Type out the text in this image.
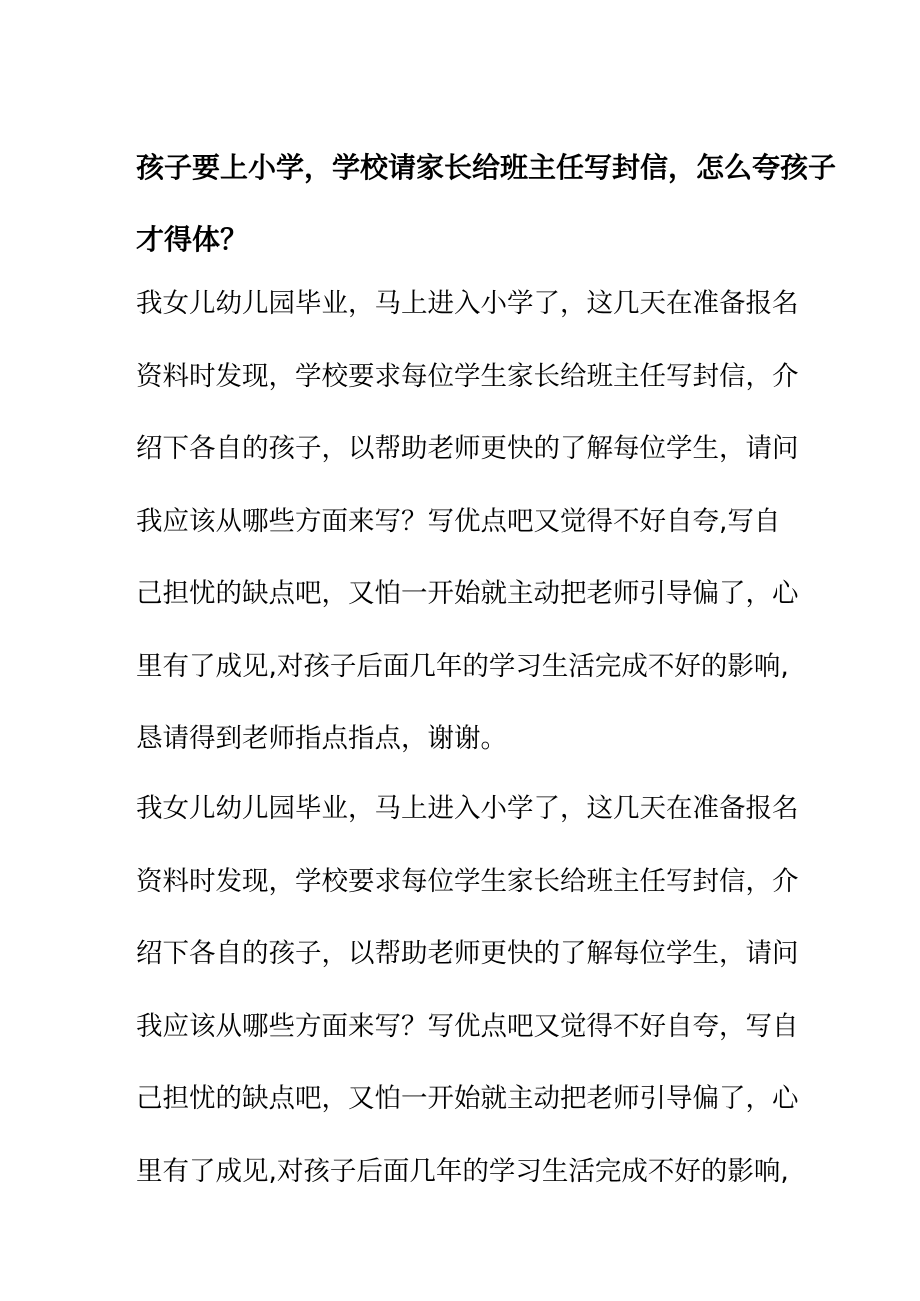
孩子要上小学，学校请家长给班主任写封信，怎么夸孩子
才得体？

我女儿幼儿园毕业，马上进入小学了，这几天在准备报名
资料时发现，学校要求每位学生家长给班主任写封信，介
绍下各自的孩子，以帮助老师更快的了解每位学生，请问
我应该从哪些方面来写？写优点吧又觉得不好自夸,写自
己担忧的缺点吧，又怕一开始就主动把老师引导偏了，心
里有了成见,对孩子后面几年的学习生活完成不好的影响,
恳请得到老师指点指点，谢谢。

我女儿幼儿园毕业，马上进入小学了，这几天在准备报名
资料时发现，学校要求每位学生家长给班主任写封信，介
绍下各自的孩子，以帮助老师更快的了解每位学生，请问
我应该从哪些方面来写？写优点吧又觉得不好自夸，写自
己担忧的缺点吧，又怕一开始就主动把老师引导偏了，心
里有了成见,对孩子后面几年的学习生活完成不好的影响,
